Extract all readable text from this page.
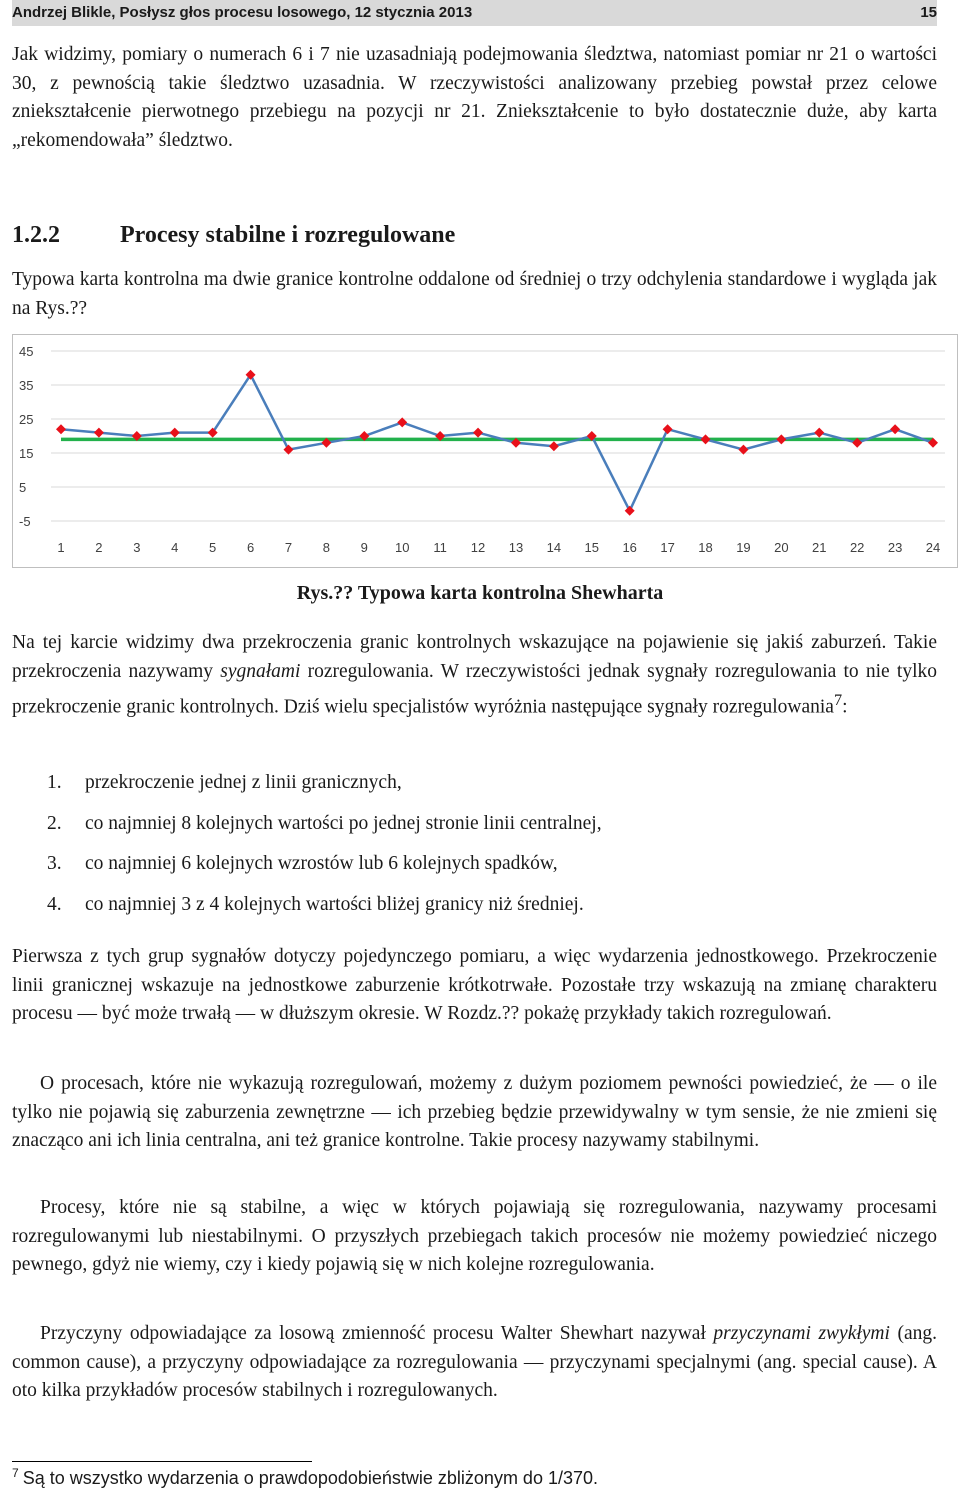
Andrzej Blikle, Posłysz głos procesu losowego, 12 stycznia 2013	15

Jak widzimy, pomiary o numerach 6 i 7 nie uzasadniają podejmowania śledztwa, natomiast pomiar nr 21 o wartości 30, z pewnością takie śledztwo uzasadnia. W rzeczywistości analizowany przebieg powstał przez celowe zniekształcenie pierwotnego przebiegu na pozycji nr 21. Zniekształcenie to było dostatecznie duże, aby karta „rekomendowała” śledztwo.

1.2.2	Procesy stabilne i rozregulowane

Typowa karta kontrolna ma dwie granice kontrolne oddalone od średniej o trzy odchylenia standardowe i wygląda jak na Rys.??

45
35
25
15
5
-5
1 2 3 4 5 6 7 8 9 10 11 12 13 14 15 16 17 18 19 20 21 22 23 24
Rys.?? Typowa karta kontrolna Shewharta

Na tej karcie widzimy dwa przekroczenia granic kontrolnych wskazujące na pojawienie się jakiś zaburzeń. Takie przekroczenia nazywamy sygnałami rozregulowania. W rzeczywistości jednak sygnały rozregulowania to nie tylko przekroczenie granic kontrolnych. Dziś wielu specjalistów wyróżnia następujące sygnały rozregulowania$^7$:

1. przekroczenie jednej z linii granicznych,
2. co najmniej 8 kolejnych wartości po jednej stronie linii centralnej,
3. co najmniej 6 kolejnych wzrostów lub 6 kolejnych spadków,
4. co najmniej 3 z 4 kolejnych wartości bliżej granicy niż średniej.

Pierwsza z tych grup sygnałów dotyczy pojedynczego pomiaru, a więc wydarzenia jednostkowego. Przekroczenie linii granicznej wskazuje na jednostkowe zaburzenie krótkotrwałe. Pozostałe trzy wskazują na zmianę charakteru procesu — być może trwałą — w dłuższym okresie. W Rozdz.?? pokażę przykłady takich rozregulowań.

O procesach, które nie wykazują rozregulowań, możemy z dużym poziomem pewności powiedzieć, że — o ile tylko nie pojawią się zaburzenia zewnętrzne — ich przebieg będzie przewidywalny w tym sensie, że nie zmieni się znacząco ani ich linia centralna, ani też granice kontrolne. Takie procesy nazywamy stabilnymi.

Procesy, które nie są stabilne, a więc w których pojawiają się rozregulowania, nazywamy procesami rozregulowanymi lub niestabilnymi. O przyszłych przebiegach takich procesów nie możemy powiedzieć niczego pewnego, gdyż nie wiemy, czy i kiedy pojawią się w nich kolejne rozregulowania.

Przyczyny odpowiadające za losową zmienność procesu Walter Shewhart nazywał przyczynami zwykłymi (ang. common cause), a przyczyny odpowiadające za rozregulowania — przyczynami specjalnymi (ang. special cause). A oto kilka przykładów procesów stabilnych i rozregulowanych.

$^7$ Są to wszystko wydarzenia o prawdopodobieństwie zbliżonym do 1/370.
